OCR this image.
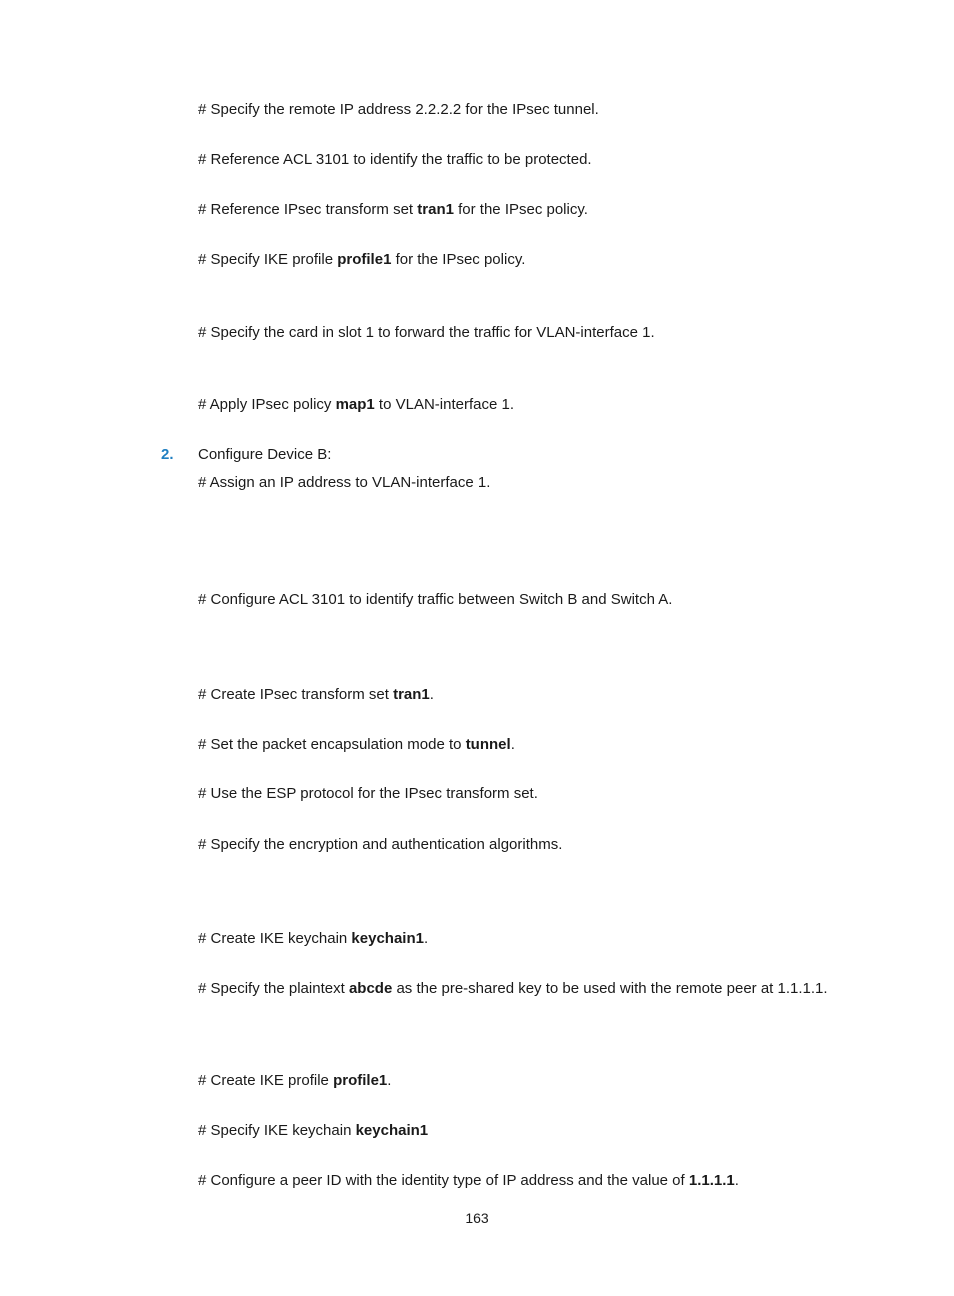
# Specify the remote IP address 2.2.2.2 for the IPsec tunnel.
# Reference ACL 3101 to identify the traffic to be protected.
# Reference IPsec transform set tran1 for the IPsec policy.
# Specify IKE profile profile1 for the IPsec policy.
# Specify the card in slot 1 to forward the traffic for VLAN-interface 1.
# Apply IPsec policy map1 to VLAN-interface 1.
2. Configure Device B:
# Assign an IP address to VLAN-interface 1.
# Configure ACL 3101 to identify traffic between Switch B and Switch A.
# Create IPsec transform set tran1.
# Set the packet encapsulation mode to tunnel.
# Use the ESP protocol for the IPsec transform set.
# Specify the encryption and authentication algorithms.
# Create IKE keychain keychain1.
# Specify the plaintext abcde as the pre-shared key to be used with the remote peer at 1.1.1.1.
# Create IKE profile profile1.
# Specify IKE keychain keychain1
# Configure a peer ID with the identity type of IP address and the value of 1.1.1.1.
163
